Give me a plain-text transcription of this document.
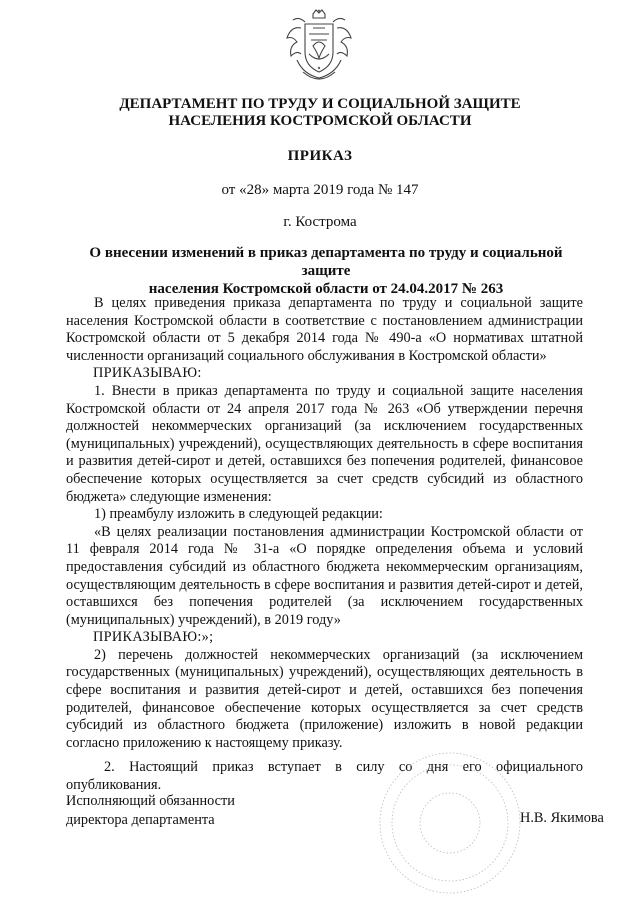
ДЕПАРТАМЕНТ ПО ТРУДУ И СОЦИАЛЬНОЙ ЗАЩИТЕ
НАСЕЛЕНИЯ КОСТРОМСКОЙ ОБЛАСТИ
ПРИКАЗ
от «28» марта 2019 года № 147
г. Кострома
О внесении изменений в приказ департамента по труду и социальной защите
населения Костромской области от 24.04.2017 № 263

В целях приведения приказа департамента по труду и социальной защите населения Костромской области в соответствие с постановлением администрации Костромской области от 5 декабря 2014 года № 490-а «О нормативах штатной численности организаций социального обслуживания в Костромской области»

ПРИКАЗЫВАЮ:

1. Внести в приказ департамента по труду и социальной защите населения Костромской области от 24 апреля 2017 года № 263 «Об утверждении перечня должностей некоммерческих организаций (за исключением государственных (муниципальных) учреждений), осуществляющих деятельность в сфере воспитания и развития детей-сирот и детей, оставшихся без попечения родителей, финансовое обеспечение которых осуществляется за счет средств субсидий из областного бюджета» следующие изменения:

1) преамбулу изложить в следующей редакции:

«В целях реализации постановления администрации Костромской области от 11 февраля 2014 года № 31-а «О порядке определения объема и условий предоставления субсидий из областного бюджета некоммерческим организациям, осуществляющим деятельность в сфере воспитания и развития детей-сирот и детей, оставшихся без попечения родителей (за исключением государственных (муниципальных) учреждений), в 2019 году»

ПРИКАЗЫВАЮ:»;

2) перечень должностей некоммерческих организаций (за исключением государственных (муниципальных) учреждений), осуществляющих деятельность в сфере воспитания и развития детей-сирот и детей, оставшихся без попечения родителей, финансовое обеспечение которых осуществляется за счет средств субсидий из областного бюджета (приложение) изложить в новой редакции согласно приложению к настоящему приказу.

2. Настоящий приказ вступает в силу со дня его официального опубликования.

Исполняющий обязанности
директора департамента	Н.В. Якимова
